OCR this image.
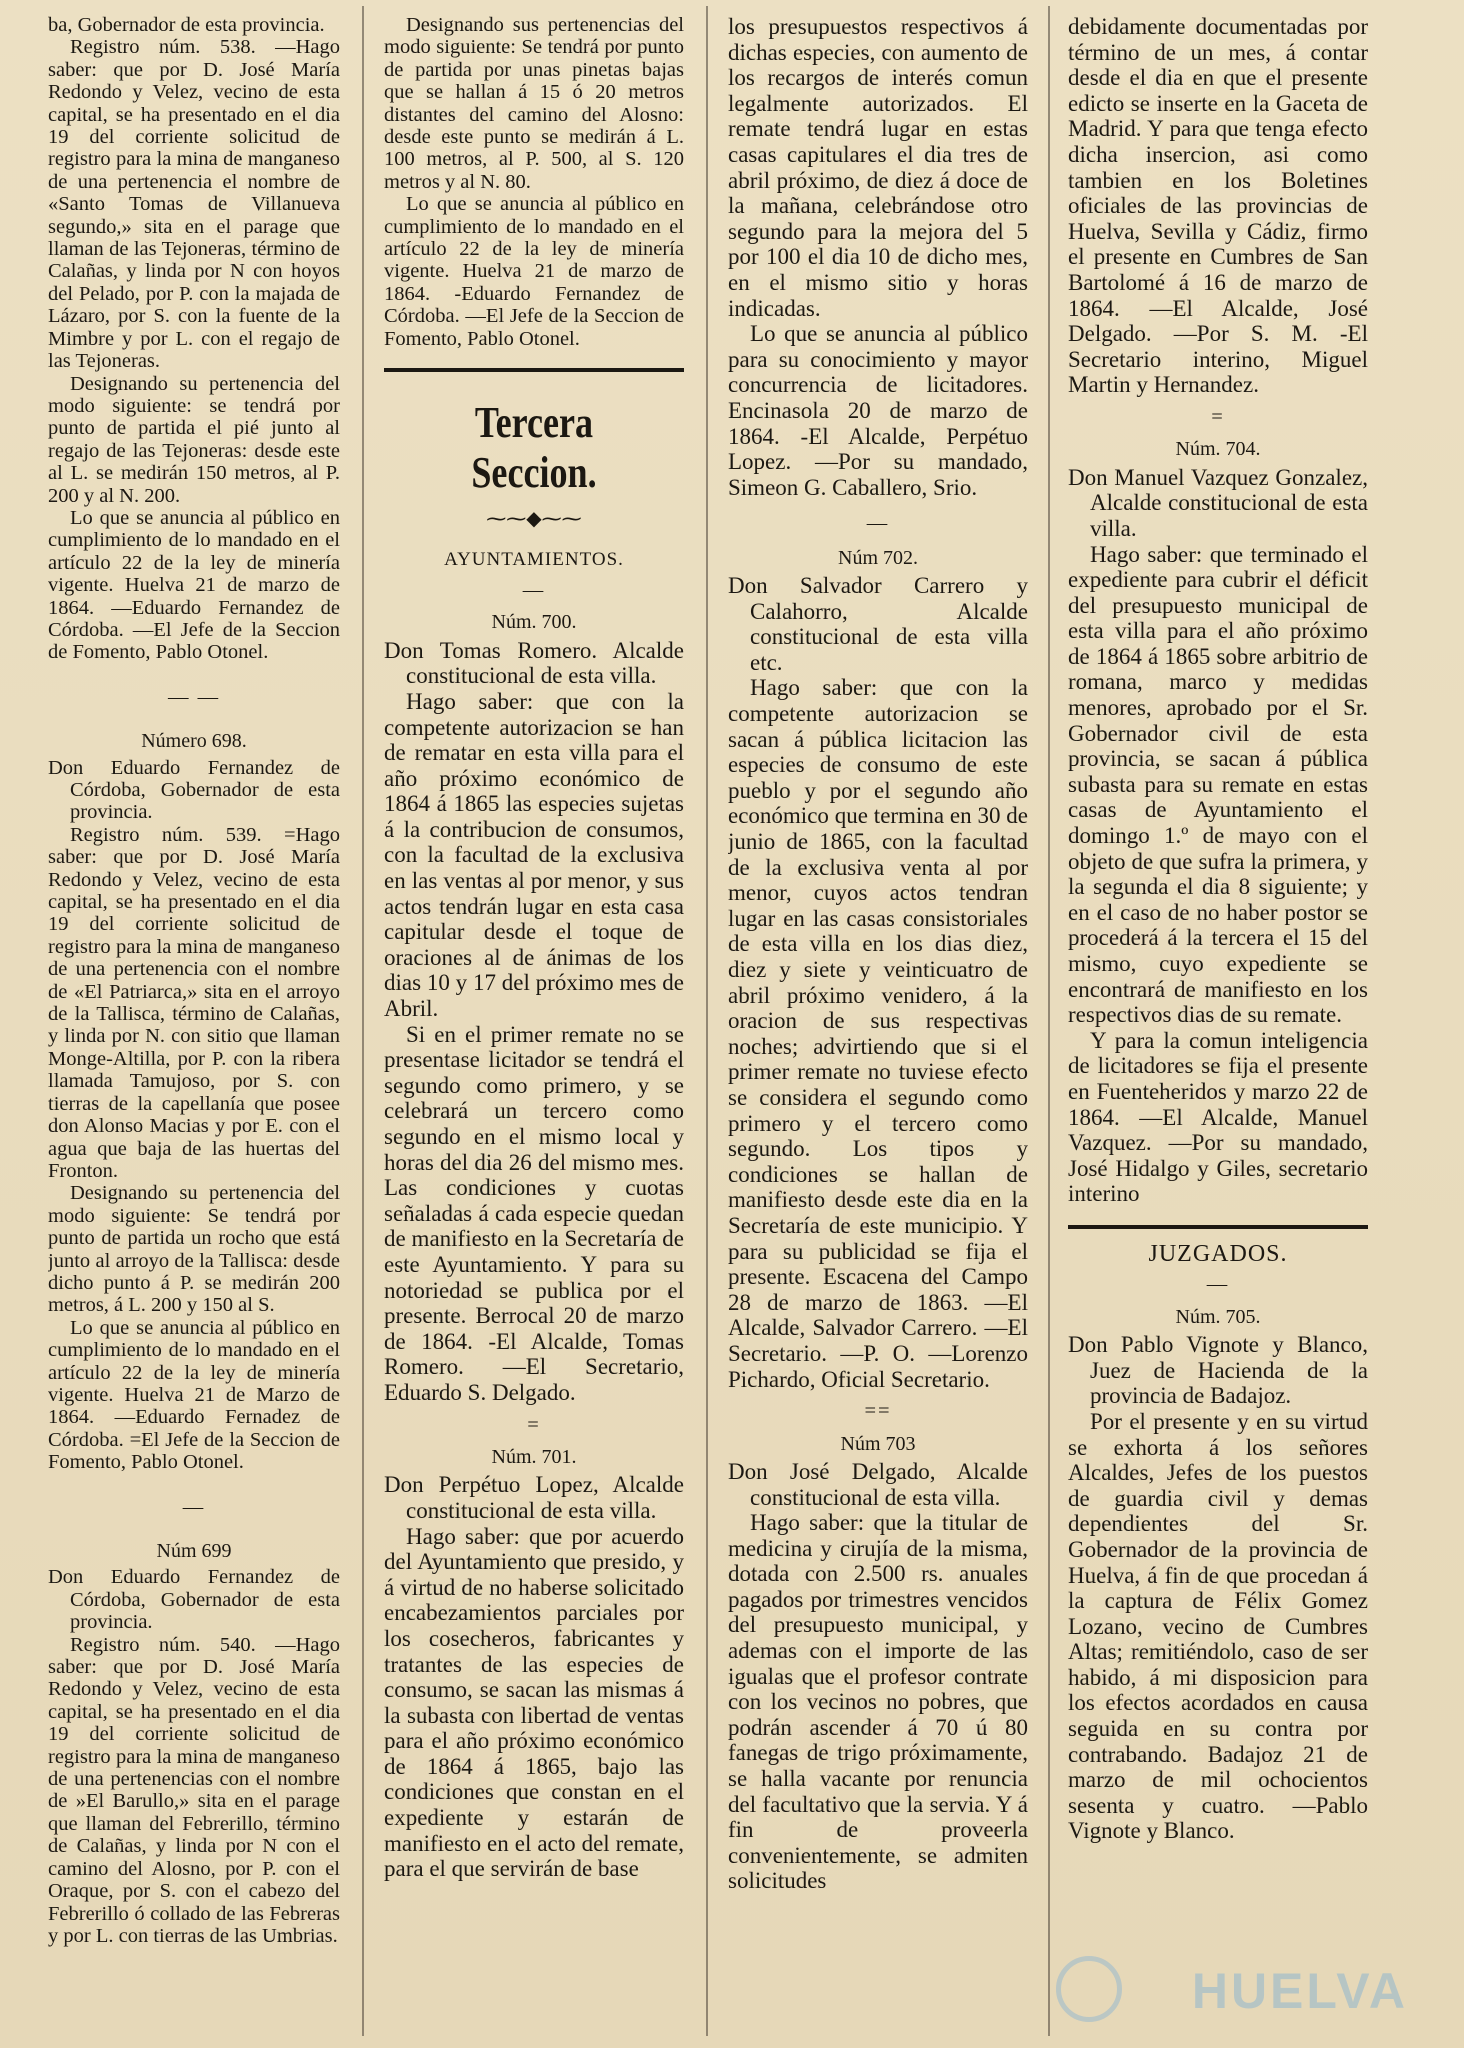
ba, Gobernador de esta provincia.

Registro núm. 538. —Hago saber: que por D. José María Redondo y Velez, vecino de esta capital, se ha presentado en el dia 19 del corriente solicitud de registro para la mina de manganeso de una pertenencia el nombre de «Santo Tomas de Villanueva segundo,» sita en el parage que llaman de las Tejoneras, término de Calañas, y linda por N con hoyos del Pelado, por P. con la majada de Lázaro, por S. con la fuente de la Mimbre y por L. con el regajo de las Tejoneras.

Designando su pertenencia del modo siguiente: se tendrá por punto de partida el pié junto al regajo de las Tejoneras: desde este al L. se medirán 150 metros, al P. 200 y al N. 200.

Lo que se anuncia al público en cumplimiento de lo mandado en el artículo 22 de la ley de minería vigente. Huelva 21 de marzo de 1864. —Eduardo Fernandez de Córdoba. —El Jefe de la Seccion de Fomento, Pablo Otonel.

— —
Número 698.

Don Eduardo Fernandez de Córdoba, Gobernador de esta provincia.

Registro núm. 539. =Hago saber: que por D. José María Redondo y Velez, vecino de esta capital, se ha presentado en el dia 19 del corriente solicitud de registro para la mina de manganeso de una pertenencia con el nombre de «El Patriarca,» sita en el arroyo de la Tallisca, término de Calañas, y linda por N. con sitio que llaman Monge-Altilla, por P. con la ribera llamada Tamujoso, por S. con tierras de la capellanía que posee don Alonso Macias y por E. con el agua que baja de las huertas del Fronton.

Designando su pertenencia del modo siguiente: Se tendrá por punto de partida un rocho que está junto al arroyo de la Tallisca: desde dicho punto á P. se medirán 200 metros, á L. 200 y 150 al S.

Lo que se anuncia al público en cumplimiento de lo mandado en el artículo 22 de la ley de minería vigente. Huelva 21 de Marzo de 1864. —Eduardo Fernadez de Córdoba. =El Jefe de la Seccion de Fomento, Pablo Otonel.

—
Núm 699

Don Eduardo Fernandez de Córdoba, Gobernador de esta provincia.

Registro núm. 540. —Hago saber: que por D. José María Redondo y Velez, vecino de esta capital, se ha presentado en el dia 19 del corriente solicitud de registro para la mina de manganeso de una pertenencias con el nombre de »El Barullo,» sita en el parage que llaman del Febrerillo, término de Calañas, y linda por N con el camino del Alosno, por P. con el Oraque, por S. con el cabezo del Febrerillo ó collado de las Febreras y por L. con tierras de las Umbrias.

Designando sus pertenencias del modo siguiente: Se tendrá por punto de partida por unas pinetas bajas que se hallan á 15 ó 20 metros distantes del camino del Alosno: desde este punto se medirán á L. 100 metros, al P. 500, al S. 120 metros y al N. 80.

Lo que se anuncia al público en cumplimiento de lo mandado en el artículo 22 de la ley de minería vigente. Huelva 21 de marzo de 1864. -Eduardo Fernandez de Córdoba. —El Jefe de la Seccion de Fomento, Pablo Otonel.

Tercera Seccion.
⁓⁓◆⁓⁓
AYUNTAMIENTOS.
—
Núm. 700.

Don Tomas Romero. Alcalde constitucional de esta villa.

Hago saber: que con la competente autorizacion se han de rematar en esta villa para el año próximo económico de 1864 á 1865 las especies sujetas á la contribucion de consumos, con la facultad de la exclusiva en las ventas al por menor, y sus actos tendrán lugar en esta casa capitular desde el toque de oraciones al de ánimas de los dias 10 y 17 del próximo mes de Abril.

Si en el primer remate no se presentase licitador se tendrá el segundo como primero, y se celebrará un tercero como segundo en el mismo local y horas del dia 26 del mismo mes. Las condiciones y cuotas señaladas á cada especie quedan de manifiesto en la Secretaría de este Ayuntamiento. Y para su notoriedad se publica por el presente. Berrocal 20 de marzo de 1864. -El Alcalde, Tomas Romero. —El Secretario, Eduardo S. Delgado.

=
Núm. 701.

Don Perpétuo Lopez, Alcalde constitucional de esta villa.

Hago saber: que por acuerdo del Ayuntamiento que presido, y á virtud de no haberse solicitado encabezamientos parciales por los cosecheros, fabricantes y tratantes de las especies de consumo, se sacan las mismas á la subasta con libertad de ventas para el año próximo económico de 1864 á 1865, bajo las condiciones que constan en el expediente y estarán de manifiesto en el acto del remate, para el que servirán de base

los presupuestos respectivos á dichas especies, con aumento de los recargos de interés comun legalmente autorizados. El remate tendrá lugar en estas casas capitulares el dia tres de abril próximo, de diez á doce de la mañana, celebrándose otro segundo para la mejora del 5 por 100 el dia 10 de dicho mes, en el mismo sitio y horas indicadas.

Lo que se anuncia al público para su conocimiento y mayor concurrencia de licitadores. Encinasola 20 de marzo de 1864. -El Alcalde, Perpétuo Lopez. —Por su mandado, Simeon G. Caballero, Srio.

—
Núm 702.

Don Salvador Carrero y Calahorro, Alcalde constitucional de esta villa etc.

Hago saber: que con la competente autorizacion se sacan á pública licitacion las especies de consumo de este pueblo y por el segundo año económico que termina en 30 de junio de 1865, con la facultad de la exclusiva venta al por menor, cuyos actos tendran lugar en las casas consistoriales de esta villa en los dias diez, diez y siete y veinticuatro de abril próximo venidero, á la oracion de sus respectivas noches; advirtiendo que si el primer remate no tuviese efecto se considera el segundo como primero y el tercero como segundo. Los tipos y condiciones se hallan de manifiesto desde este dia en la Secretaría de este municipio. Y para su publicidad se fija el presente. Escacena del Campo 28 de marzo de 1863. —El Alcalde, Salvador Carrero. —El Secretario. —P. O. —Lorenzo Pichardo, Oficial Secretario.

==
Núm 703

Don José Delgado, Alcalde constitucional de esta villa.

Hago saber: que la titular de medicina y cirujía de la misma, dotada con 2.500 rs. anuales pagados por trimestres vencidos del presupuesto municipal, y ademas con el importe de las igualas que el profesor contrate con los vecinos no pobres, que podrán ascender á 70 ú 80 fanegas de trigo próximamente, se halla vacante por renuncia del facultativo que la servia. Y á fin de proveerla convenientemente, se admiten solicitudes

debidamente documentadas por término de un mes, á contar desde el dia en que el presente edicto se inserte en la Gaceta de Madrid. Y para que tenga efecto dicha insercion, asi como tambien en los Boletines oficiales de las provincias de Huelva, Sevilla y Cádiz, firmo el presente en Cumbres de San Bartolomé á 16 de marzo de 1864. —El Alcalde, José Delgado. —Por S. M. -El Secretario interino, Miguel Martin y Hernandez.

=
Núm. 704.

Don Manuel Vazquez Gonzalez, Alcalde constitucional de esta villa.

Hago saber: que terminado el expediente para cubrir el déficit del presupuesto municipal de esta villa para el año próximo de 1864 á 1865 sobre arbitrio de romana, marco y medidas menores, aprobado por el Sr. Gobernador civil de esta provincia, se sacan á pública subasta para su remate en estas casas de Ayuntamiento el domingo 1.º de mayo con el objeto de que sufra la primera, y la segunda el dia 8 siguiente; y en el caso de no haber postor se procederá á la tercera el 15 del mismo, cuyo expediente se encontrará de manifiesto en los respectivos dias de su remate.

Y para la comun inteligencia de licitadores se fija el presente en Fuenteheridos y marzo 22 de 1864. —El Alcalde, Manuel Vazquez. —Por su mandado, José Hidalgo y Giles, secretario interino

JUZGADOS.
—
Núm. 705.

Don Pablo Vignote y Blanco, Juez de Hacienda de la provincia de Badajoz.

Por el presente y en su virtud se exhorta á los señores Alcaldes, Jefes de los puestos de guardia civil y demas dependientes del Sr. Gobernador de la provincia de Huelva, á fin de que procedan á la captura de Félix Gomez Lozano, vecino de Cumbres Altas; remitiéndolo, caso de ser habido, á mi disposicion para los efectos acordados en causa seguida en su contra por contrabando. Badajoz 21 de marzo de mil ochocientos sesenta y cuatro. —Pablo Vignote y Blanco.

HUELVA
